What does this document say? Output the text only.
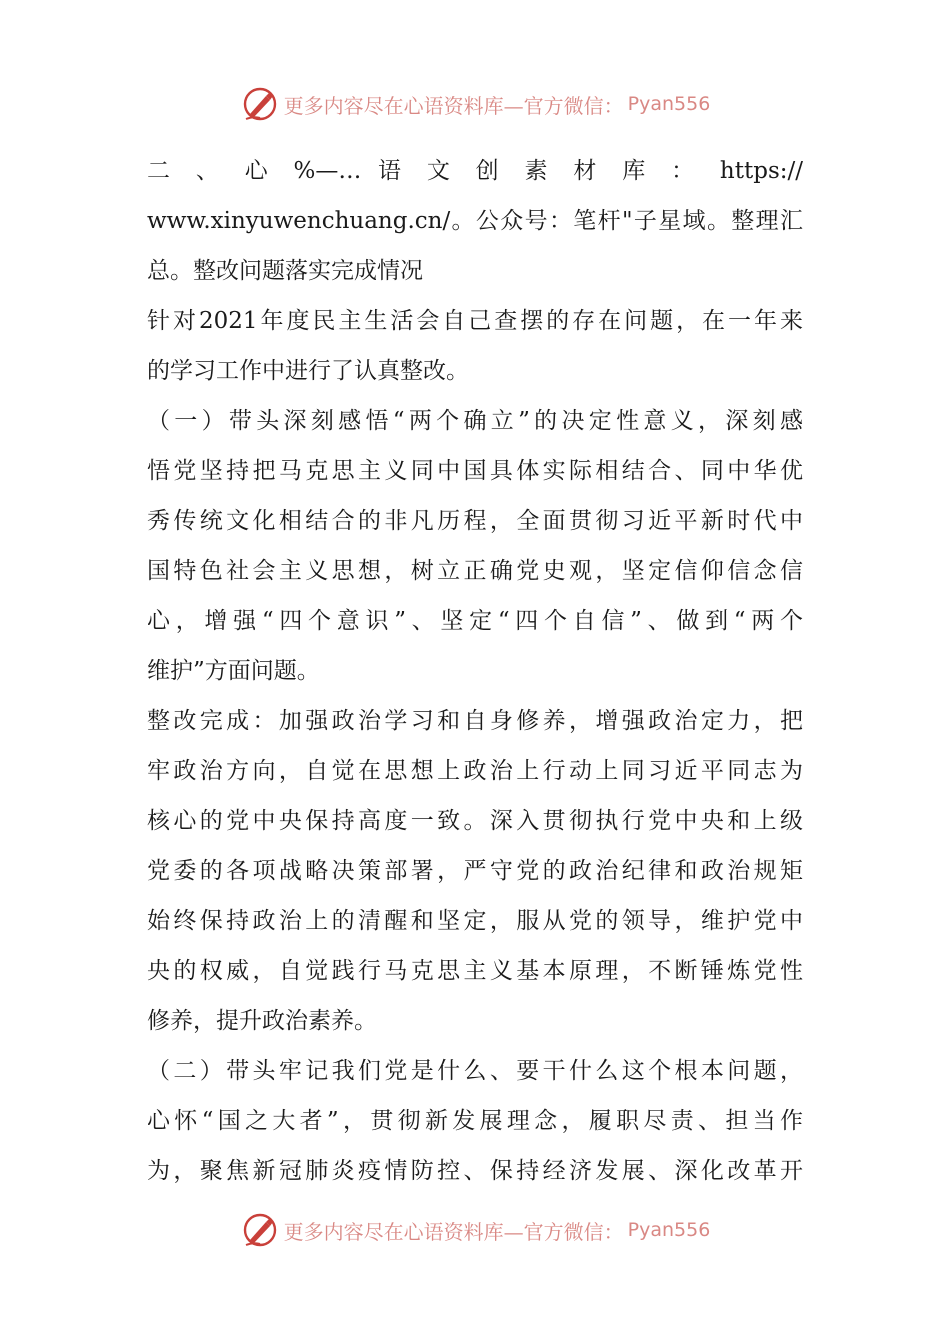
更多内容尽在心语资料库—官方微信： Pyan556
二 、 心 %—… 语 文 创 素 材 库 ： https://
www.xinyuwenchuang.cn/。公众号：笔杆"子星域。整理汇
总。整改问题落实完成情况
针对2021年度民主生活会自己查摆的存在问题，在一年来
的学习工作中进行了认真整改。
（一）带头深刻感悟“两个确立”的决定性意义，深刻感
悟党坚持把马克思主义同中国具体实际相结合、同中华优
秀传统文化相结合的非凡历程，全面贯彻习近平新时代中
国特色社会主义思想，树立正确党史观，坚定信仰信念信
心，增强“四个意识”、坚定“四个自信”、做到“两个
维护”方面问题。
整改完成：加强政治学习和自身修养，增强政治定力，把
牢政治方向，自觉在思想上政治上行动上同习近平同志为
核心的党中央保持高度一致。深入贯彻执行党中央和上级
党委的各项战略决策部署，严守党的政治纪律和政治规矩
始终保持政治上的清醒和坚定，服从党的领导，维护党中
央的权威，自觉践行马克思主义基本原理，不断锤炼党性
修养，提升政治素养。
（二）带头牢记我们党是什么、要干什么这个根本问题，
心怀“国之大者”，贯彻新发展理念，履职尽责、担当作
为，聚焦新冠肺炎疫情防控、保持经济发展、深化改革开
更多内容尽在心语资料库—官方微信： Pyan556
